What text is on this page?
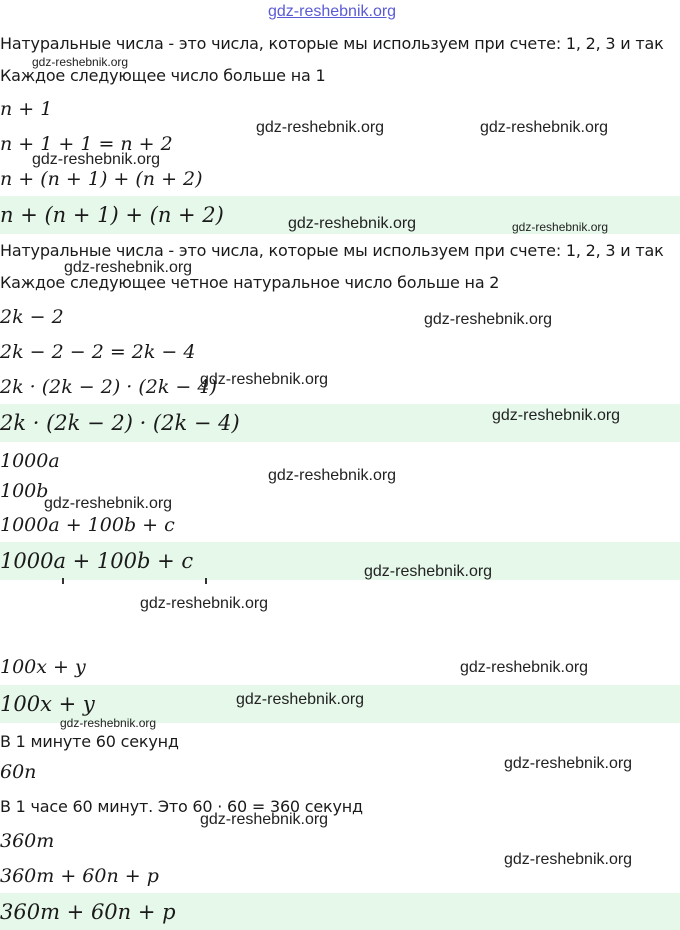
Натуральные числа - это числа, которые мы используем при счете: 1, 2, 3 и так
Каждое следующее число больше на 1
n + 1
n + 1 + 1 = n + 2
n + (n + 1) + (n + 2)
n + (n + 1) + (n + 2)
Натуральные числа - это числа, которые мы используем при счете: 1, 2, 3 и так
Каждое следующее четное натуральное число больше на 2
2k − 2
2k − 2 − 2 = 2k − 4
2k · (2k − 2) · (2k − 4)
2k · (2k − 2) · (2k − 4)
1000a
100b
1000a + 100b + c
1000a + 100b + c
100x + y
100x + y
В 1 минуте 60 секунд
60n
В 1 часе 60 минут. Это 60 · 60 = 360 секунд
360m
360m + 60n + p
360m + 60n + p
gdz-reshebnik.org
gdz-reshebnik.org
gdz-reshebnik.org	gdz-reshebnik.org
gdz-reshebnik.org
gdz-reshebnik.org	gdz-reshebnik.org
gdz-reshebnik.org
gdz-reshebnik.org
gdz-reshebnik.org
gdz-reshebnik.org
gdz-reshebnik.org
gdz-reshebnik.org
gdz-reshebnik.org
gdz-reshebnik.org
gdz-reshebnik.org
gdz-reshebnik.org
gdz-reshebnik.org
gdz-reshebnik.org
gdz-reshebnik.org
gdz-reshebnik.org
